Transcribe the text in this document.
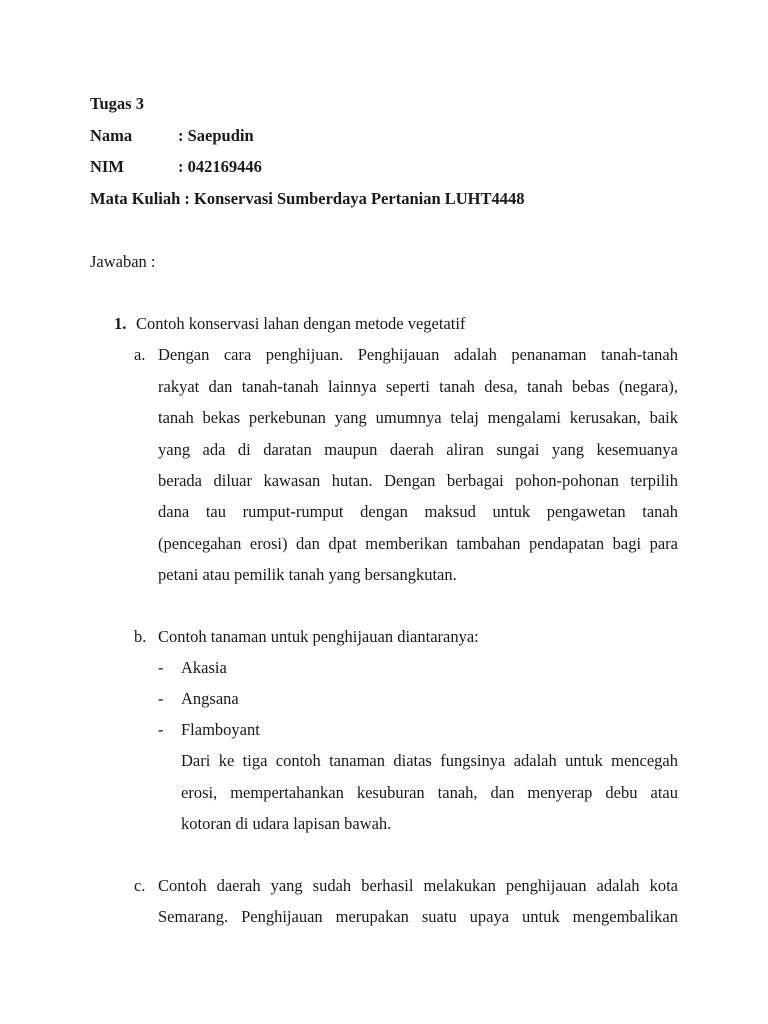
Tugas 3
Nama	: Saepudin
NIM	: 042169446
Mata Kuliah : Konservasi Sumberdaya Pertanian LUHT4448
Jawaban :
1. Contoh konservasi lahan dengan metode vegetatif
a. Dengan cara penghijuan. Penghijauan adalah penanaman tanah-tanah
rakyat dan tanah-tanah lainnya seperti tanah desa, tanah bebas (negara),
tanah bekas perkebunan yang umumnya telaj mengalami kerusakan, baik
yang ada di daratan maupun daerah aliran sungai yang kesemuanya
berada diluar kawasan hutan. Dengan berbagai pohon-pohonan terpilih
dana tau rumput-rumput dengan maksud untuk pengawetan tanah
(pencegahan erosi) dan dpat memberikan tambahan pendapatan bagi para
petani atau pemilik tanah yang bersangkutan.
b. Contoh tanaman untuk penghijauan diantaranya:
- Akasia
- Angsana
- Flamboyant
Dari ke tiga contoh tanaman diatas fungsinya adalah untuk mencegah
erosi, mempertahankan kesuburan tanah, dan menyerap debu atau
kotoran di udara lapisan bawah.
c. Contoh daerah yang sudah berhasil melakukan penghijauan adalah kota
Semarang. Penghijauan merupakan suatu upaya untuk mengembalikan
